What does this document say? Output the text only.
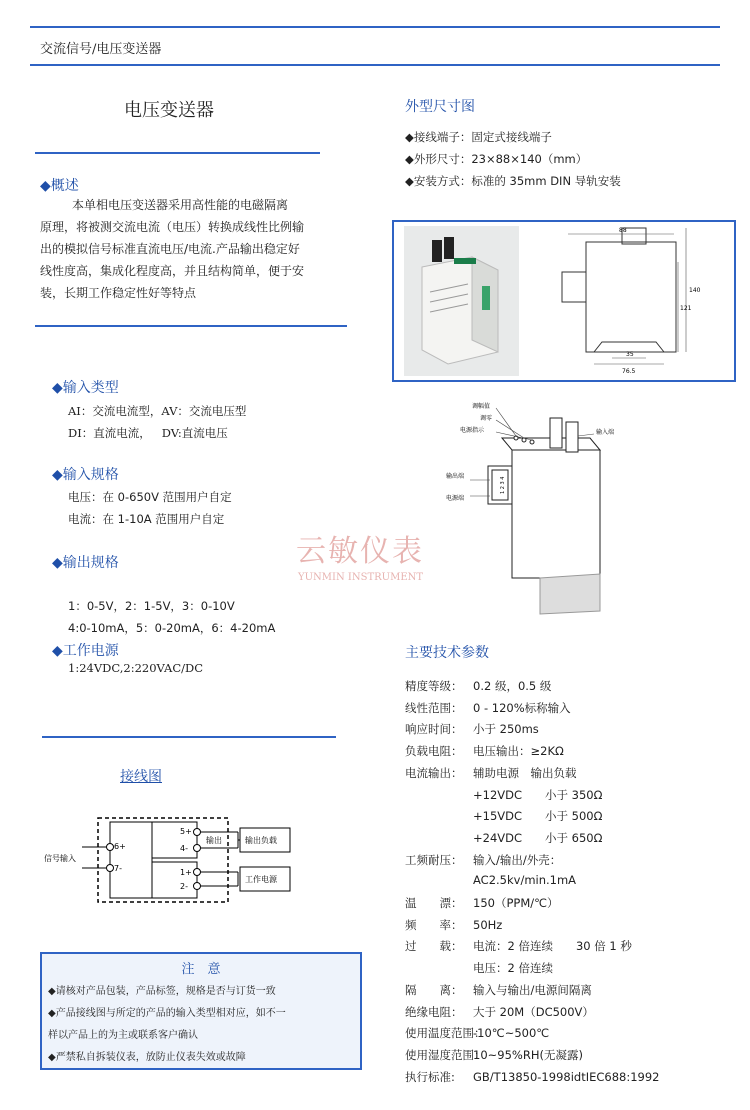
交流信号/电压变送器
电压变送器
◆概述
本单相电压变送器采用高性能的电磁隔离
原理，将被测交流电流（电压）转换成线性比例输
出的模拟信号标准直流电压/电流.产品输出稳定好
线性度高，集成化程度高，并且结构简单，便于安
装，长期工作稳定性好等特点
◆输入类型
AI：交流电流型，AV：交流电压型
DI：直流电流，   DV:直流电压
◆输入规格
电压：在 0-650V 范围用户自定
电流：在 1-10A 范围用户自定
◆输出规格
1：0-5V，2：1-5V，3：0-10V
4:0-10mA，5：0-20mA，6：4-20mA
◆工作电源
1:24VDC,2:220VAC/DC
接线图
信号输入
6+
7-
5+
4-
1+
2-
输出	输出负载
工作电源
注　意
◆请核对产品包装，产品标签，规格是否与订货一致
◆产品接线图与所定的产品的输入类型相对应，如不一
样以产品上的为主或联系客户确认
◆严禁私自拆装仪表，放防止仪表失效或故障
外型尺寸图
◆接线端子：固定式接线端子
◆外形尺寸：23×88×140（mm）
◆安装方式：标准的 35mm DIN 导轨安装
88
140
121
35
76.5
调幅值
调零
电源指示	输入端
输出端
电源端
1 2 3 4
云敏仪表
YUNMIN INSTRUMENT
主要技术参数
精度等级： 0.2 级，0.5 级
线性范围： 0 - 120%标称输入
响应时间： 小于 250ms
负载电阻： 电压输出：≥2KΩ
电流输出： 辅助电源　输出负载
+12VDC　　小于 350Ω
+15VDC　　小于 500Ω
+24VDC　　小于 650Ω
工频耐压： 输入/输出/外壳：
AC2.5kv/min.1mA
温　　漂： 150（PPM/℃）
频　　率： 50Hz
过　　载： 电流：2 倍连续　　30 倍 1 秒
电压：2 倍连续
隔　　离： 输入与输出/电源间隔离
绝缘电阻： 大于 20M（DC500V）
使用温度范围：-10℃~500℃
使用湿度范围：10~95%RH(无凝露)
执行标准: GB/T13850-1998idtIEC688:1992
